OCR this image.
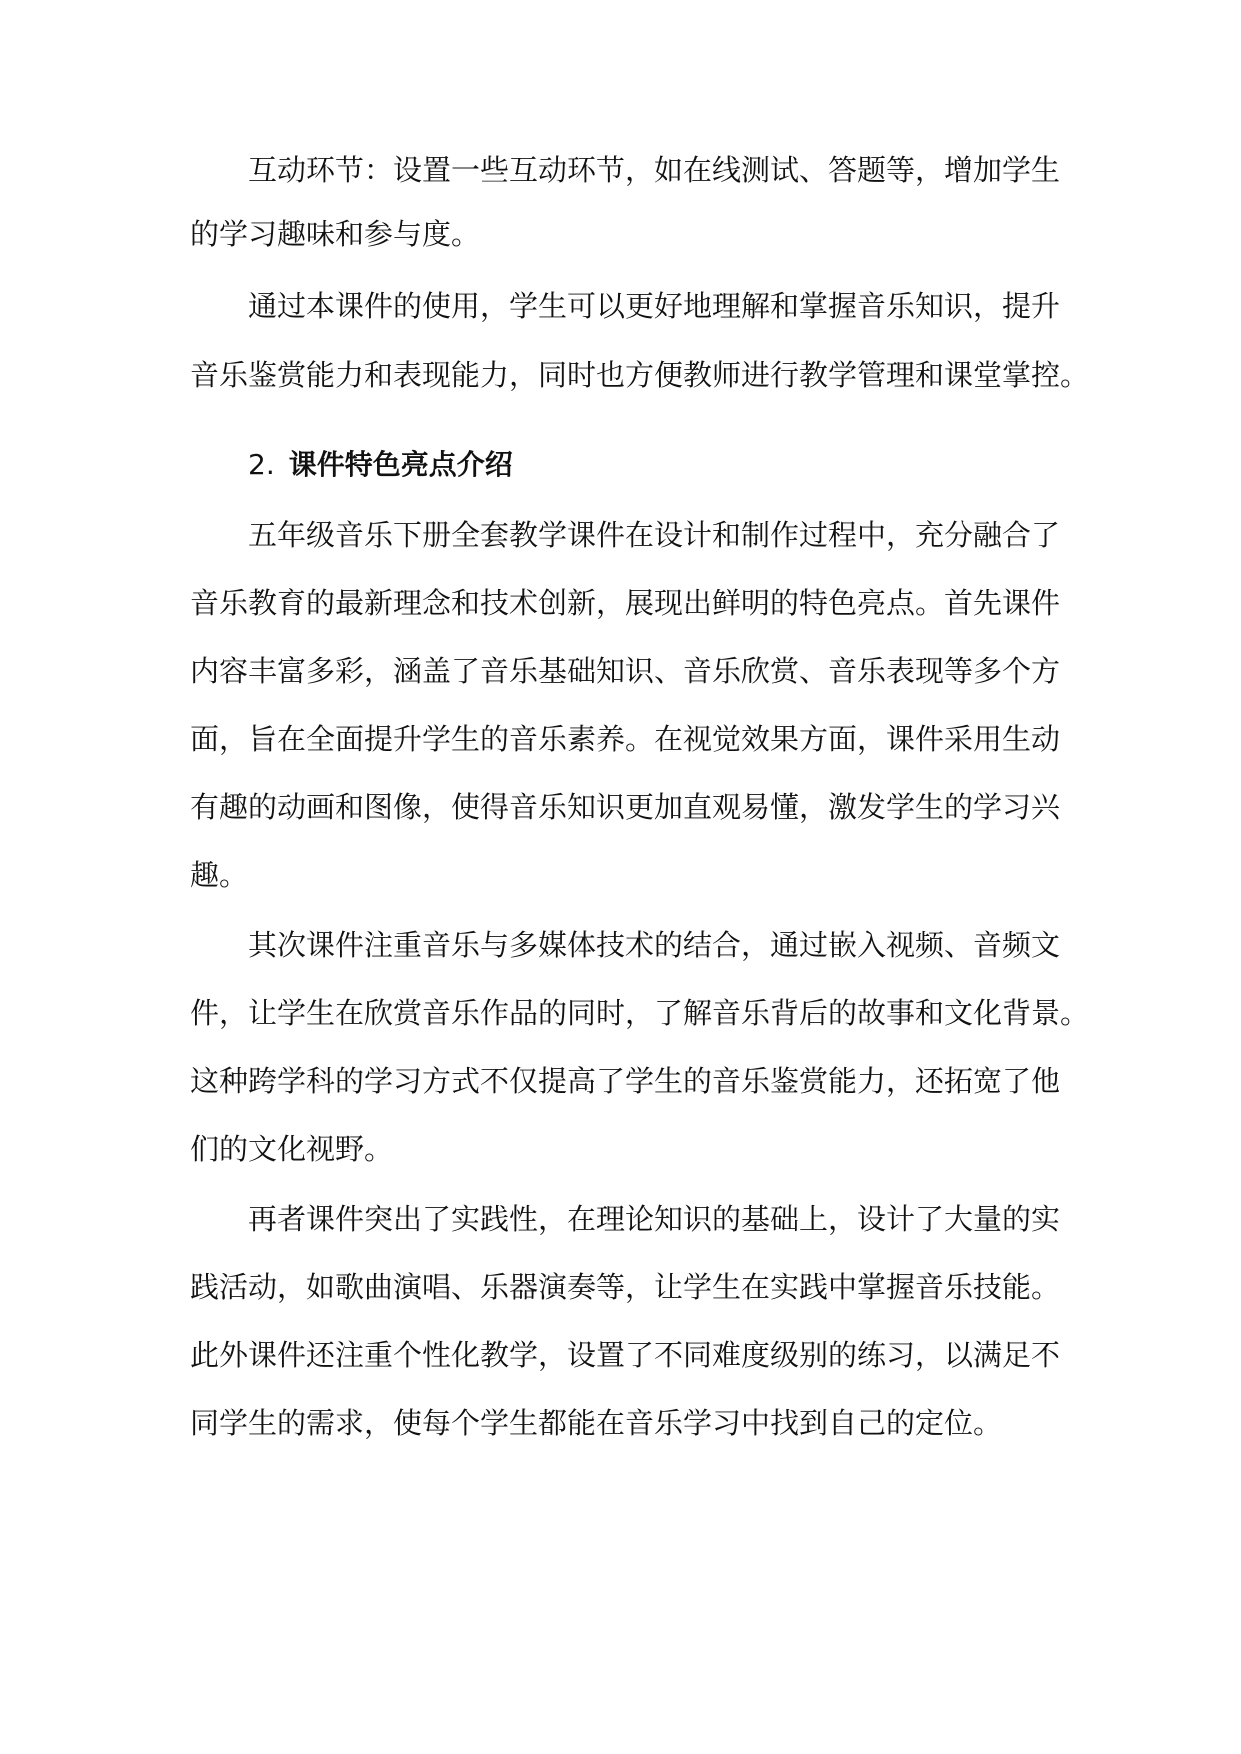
互动环节：设置一些互动环节，如在线测试、答题等，增加学生
的学习趣味和参与度。
通过本课件的使用，学生可以更好地理解和掌握音乐知识，提升
音乐鉴赏能力和表现能力，同时也方便教师进行教学管理和课堂掌控。
2. 课件特色亮点介绍
五年级音乐下册全套教学课件在设计和制作过程中，充分融合了
音乐教育的最新理念和技术创新，展现出鲜明的特色亮点。首先课件
内容丰富多彩，涵盖了音乐基础知识、音乐欣赏、音乐表现等多个方
面，旨在全面提升学生的音乐素养。在视觉效果方面，课件采用生动
有趣的动画和图像，使得音乐知识更加直观易懂，激发学生的学习兴
趣。
其次课件注重音乐与多媒体技术的结合，通过嵌入视频、音频文
件，让学生在欣赏音乐作品的同时，了解音乐背后的故事和文化背景。
这种跨学科的学习方式不仅提高了学生的音乐鉴赏能力，还拓宽了他
们的文化视野。
再者课件突出了实践性，在理论知识的基础上，设计了大量的实
践活动，如歌曲演唱、乐器演奏等，让学生在实践中掌握音乐技能。
此外课件还注重个性化教学，设置了不同难度级别的练习，以满足不
同学生的需求，使每个学生都能在音乐学习中找到自己的定位。
